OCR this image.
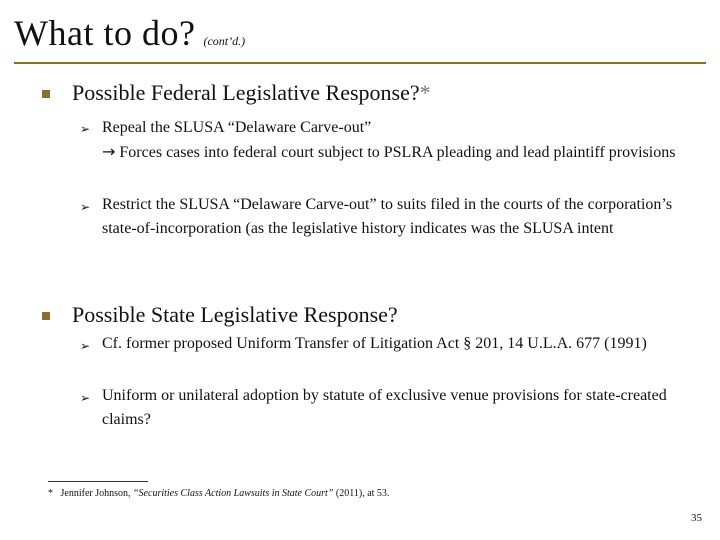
What to do? (cont’d.)
Possible Federal Legislative Response?*
➢ Repeal the SLUSA “Delaware Carve-out”
→ Forces cases into federal court subject to PSLRA pleading and lead plaintiff provisions
➢ Restrict the SLUSA “Delaware Carve-out” to suits filed in the courts of the corporation’s state-of-incorporation (as the legislative history indicates was the SLUSA intent
Possible State Legislative Response?
➢ Cf. former proposed Uniform Transfer of Litigation Act § 201, 14 U.L.A. 677 (1991)
➢ Uniform or unilateral adoption by statute of exclusive venue provisions for state-created claims?
* Jennifer Johnson, “Securities Class Action Lawsuits in State Court” (2011), at 53.
35
